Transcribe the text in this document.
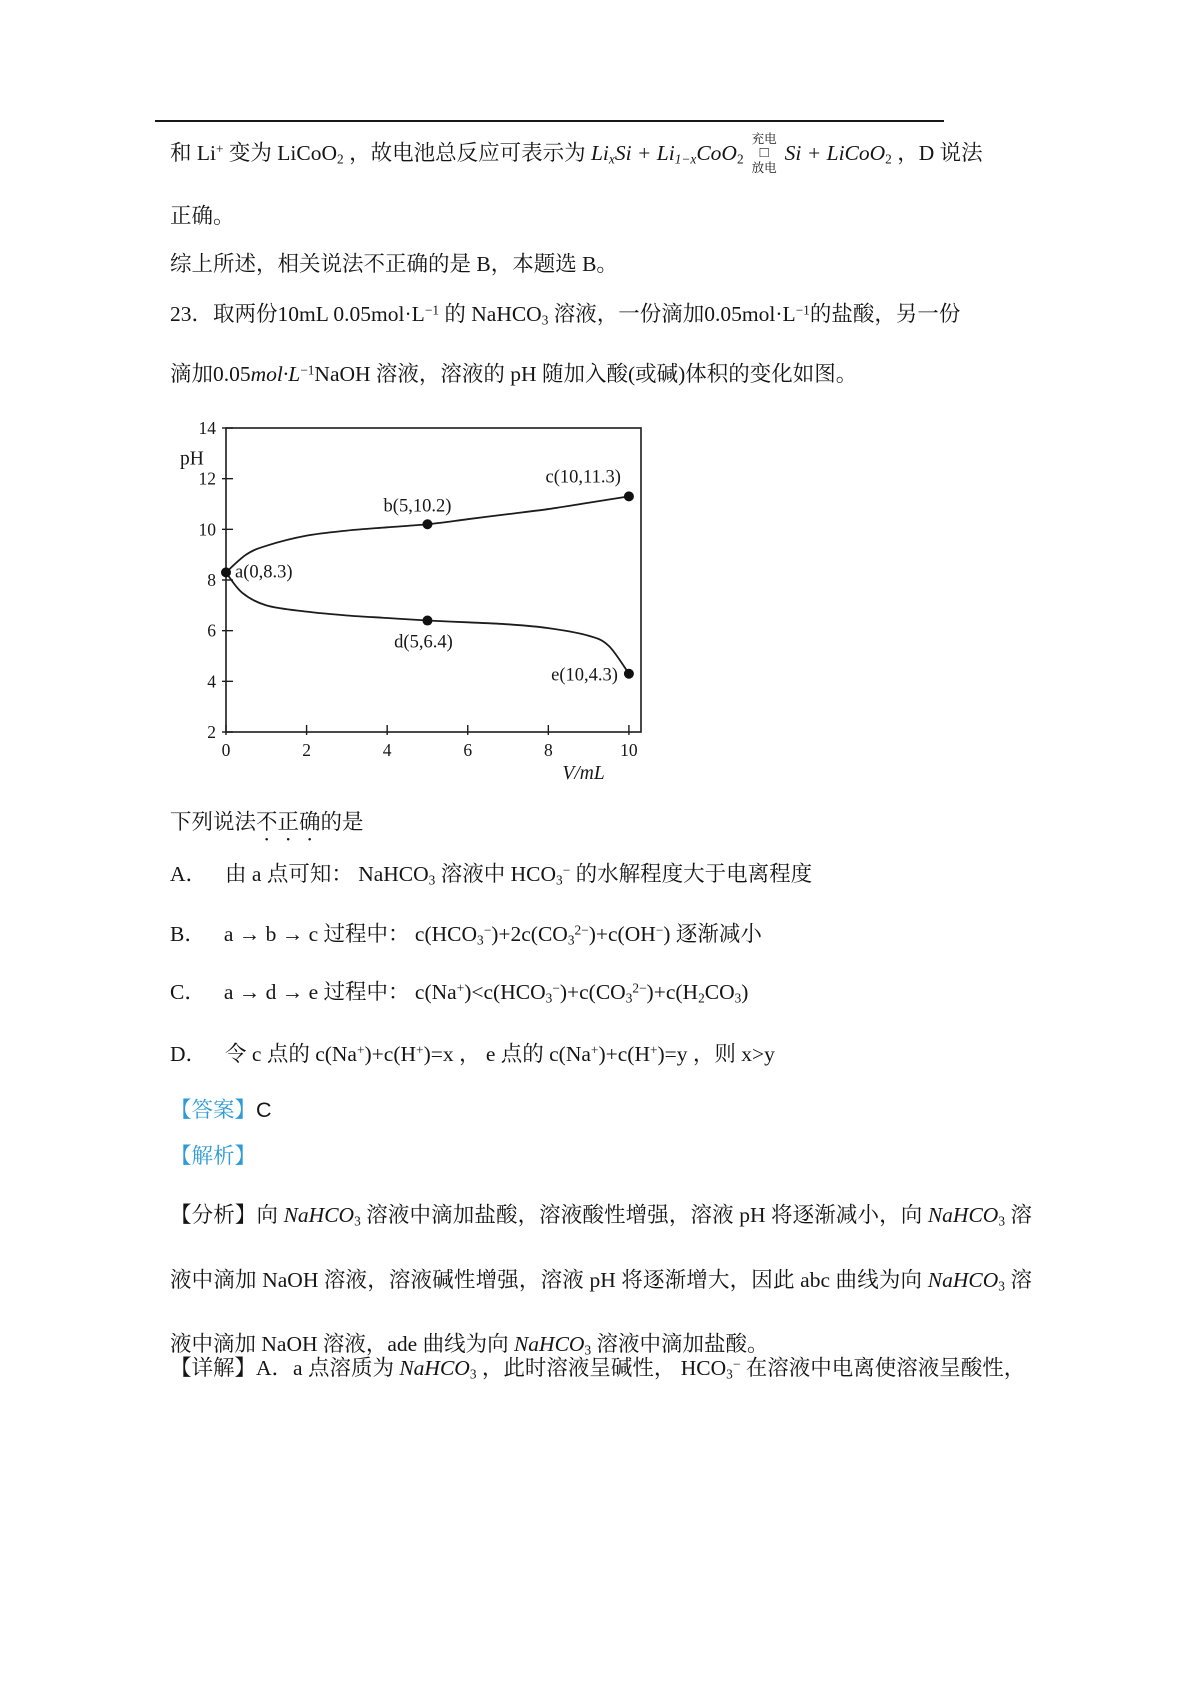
和 Li+ 变为 LiCoO$_2$ ，故电池总反应可表示为 $Li_xSi + Li_{1-x}CoO_2$
充电
□
放电
Si + LiCoO$_2$ ，D 说法
正确。
综上所述，相关说法不正确的是 B，本题选 B。
23．取两份10mL $0.05mol\cdot L^{-1}$ 的 NaHCO$_3$ 溶液，一份滴加$0.05mol\cdot L^{-1}$的盐酸，另一份
滴加$0.05mol\cdot L^{-1}NaOH$ 溶液，溶液的 pH 随加入酸(或碱)体积的变化如图。
2
4
6
8
10
12
14
0	2	4	6	8	10
a(0,8.3)
b(5,10.2)
c(10,11.3)
d(5,6.4)
e(10,4.3)
pH
V/mL
下列说法不正确的是
A． 由 a 点可知： NaHCO$_3$ 溶液中 $HCO_3^-$ 的水解程度大于电离程度
B． a → b → c 过程中： $c(HCO_3^-)+2c(CO_3^{2-})+c(OH^-)$ 逐渐减小
C． a → d → e 过程中： $c(Na^+)<c(HCO_3^-)+c(CO_3^{2-})+c(H_2CO_3)$
D． 令 c 点的 c(Na+)+c(H+)=x ， e 点的 c(Na+)+c(H+)=y ，则 x>y
【答案】C
【解析】
【分析】向 NaHCO$_3$ 溶液中滴加盐酸，溶液酸性增强，溶液 pH 将逐渐减小，向 NaHCO$_3$ 溶液中滴加 NaOH 溶液，溶液碱性增强，溶液 pH 将逐渐增大，因此 abc 曲线为向 NaHCO$_3$ 溶液中滴加 NaOH 溶液，ade 曲线为向 NaHCO$_3$ 溶液中滴加盐酸。
【详解】A．a 点溶质为 NaHCO$_3$ ，此时溶液呈碱性， $HCO_3^-$ 在溶液中电离使溶液呈酸性，
